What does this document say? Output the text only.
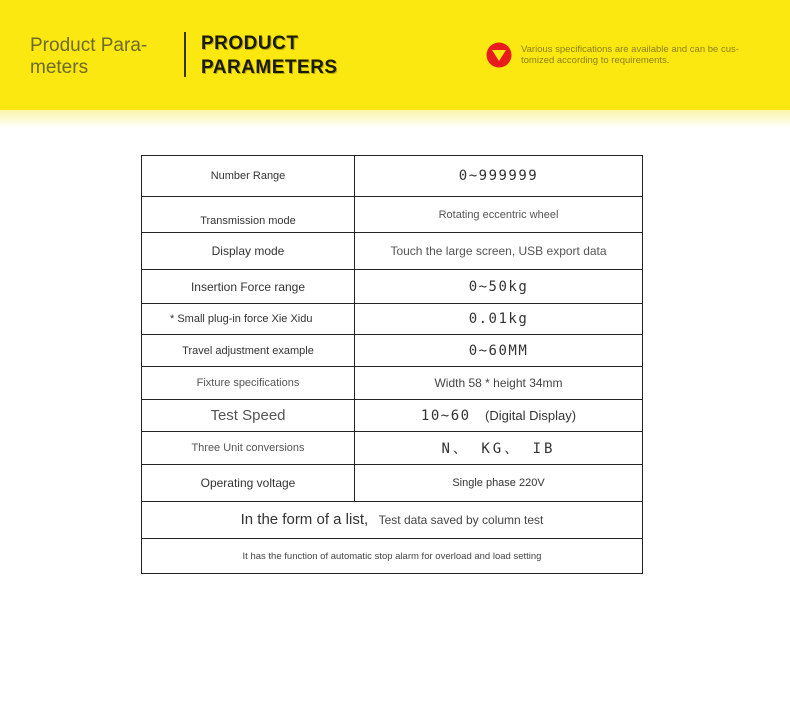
Product Para-meters
PRODUCT
PARAMETERS
Various specifications are available and can be cus-tomized according to requirements.
Number Range	0~999999
Transmission mode	Rotating eccentric wheel
Display mode	Touch the large screen, USB export data
Insertion Force range	0~50kg
* Small plug-in force Xie Xidu	0.01kg
Travel adjustment example	0~60MM
Fixture specifications	Width 58 * height 34mm
Test Speed	10~60 (Digital Display)
Three Unit conversions	N、 KG、 IB
Operating voltage	Single phase 220V
In the form of a list, Test data saved by column test	
It has the function of automatic stop alarm for overload and load setting	
